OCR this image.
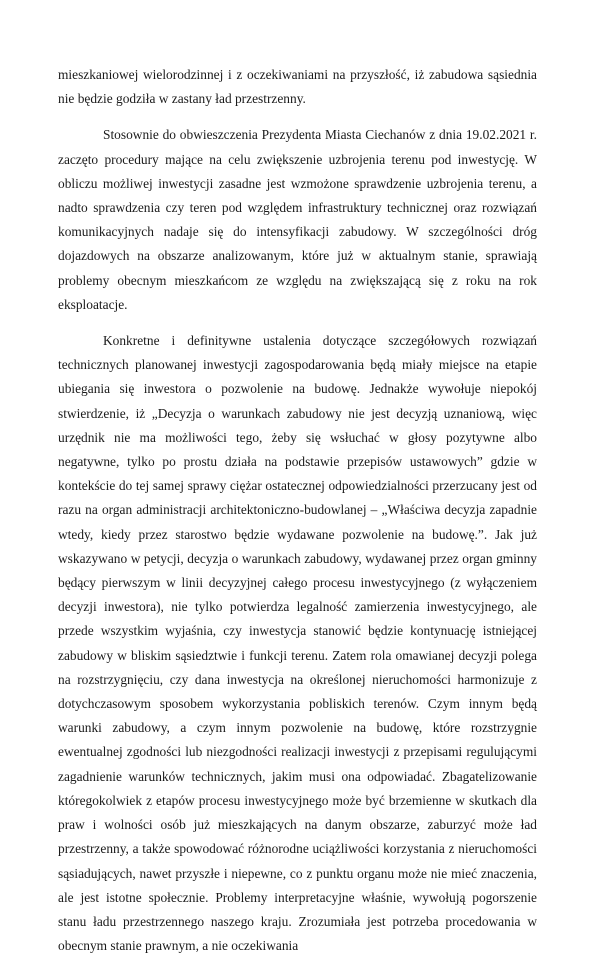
mieszkaniowej wielorodzinnej i z oczekiwaniami na przyszłość, iż zabudowa sąsiednia nie będzie godziła w zastany ład przestrzenny.

Stosownie do obwieszczenia Prezydenta Miasta Ciechanów z dnia 19.02.2021 r. zaczęto procedury mające na celu zwiększenie uzbrojenia terenu pod inwestycję. W obliczu możliwej inwestycji zasadne jest wzmożone sprawdzenie uzbrojenia terenu, a nadto sprawdzenia czy teren pod względem infrastruktury technicznej oraz rozwiązań komunikacyjnych nadaje się do intensyfikacji zabudowy. W szczególności dróg dojazdowych na obszarze analizowanym, które już w aktualnym stanie, sprawiają problemy obecnym mieszkańcom ze względu na zwiększającą się z roku na rok eksploatacje.

Konkretne i definitywne ustalenia dotyczące szczegółowych rozwiązań technicznych planowanej inwestycji zagospodarowania będą miały miejsce na etapie ubiegania się inwestora o pozwolenie na budowę. Jednakże wywołuje niepokój stwierdzenie, iż „Decyzja o warunkach zabudowy nie jest decyzją uznaniową, więc urzędnik nie ma możliwości tego, żeby się wsłuchać w głosy pozytywne albo negatywne, tylko po prostu działa na podstawie przepisów ustawowych” gdzie w kontekście do tej samej sprawy ciężar ostatecznej odpowiedzialności przerzucany jest od razu na organ administracji architektoniczno-budowlanej – „Właściwa decyzja zapadnie wtedy, kiedy przez starostwo będzie wydawane pozwolenie na budowę.”. Jak już wskazywano w petycji, decyzja o warunkach zabudowy, wydawanej przez organ gminny będący pierwszym w linii decyzyjnej całego procesu inwestycyjnego (z wyłączeniem decyzji inwestora), nie tylko potwierdza legalność zamierzenia inwestycyjnego, ale przede wszystkim wyjaśnia, czy inwestycja stanowić będzie kontynuację istniejącej zabudowy w bliskim sąsiedztwie i funkcji terenu. Zatem rola omawianej decyzji polega na rozstrzygnięciu, czy dana inwestycja na określonej nieruchomości harmonizuje z dotychczasowym sposobem wykorzystania pobliskich terenów. Czym innym będą warunki zabudowy, a czym innym pozwolenie na budowę, które rozstrzygnie ewentualnej zgodności lub niezgodności realizacji inwestycji z przepisami regulującymi zagadnienie warunków technicznych, jakim musi ona odpowiadać. Zbagatelizowanie któregokolwiek z etapów procesu inwestycyjnego może być brzemienne w skutkach dla praw i wolności osób już mieszkających na danym obszarze, zaburzyć może ład przestrzenny, a także spowodować różnorodne uciążliwości korzystania z nieruchomości sąsiadujących, nawet przyszłe i niepewne, co z punktu organu może nie mieć znaczenia, ale jest istotne społecznie. Problemy interpretacyjne właśnie, wywołują pogorszenie stanu ładu przestrzennego naszego kraju. Zrozumiała jest potrzeba procedowania w obecnym stanie prawnym, a nie oczekiwania
